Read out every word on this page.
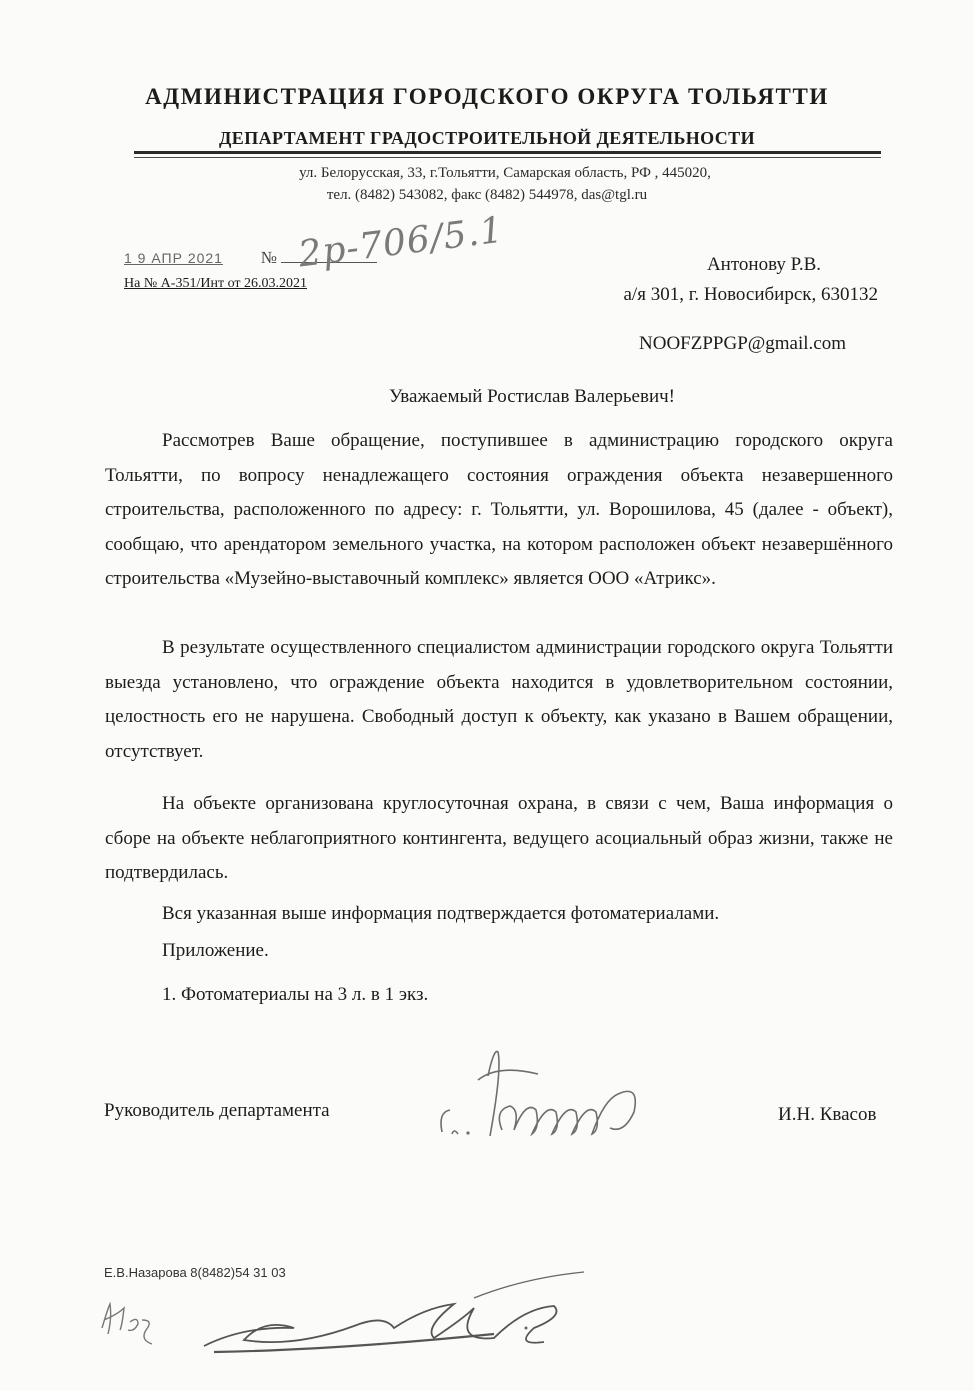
АДМИНИСТРАЦИЯ ГОРОДСКОГО ОКРУГА ТОЛЬЯТТИ
ДЕПАРТАМЕНТ ГРАДОСТРОИТЕЛЬНОЙ ДЕЯТЕЛЬНОСТИ
ул. Белорусская, 33, г.Тольятти, Самарская область, РФ , 445020,
тел. (8482) 543082, факс (8482) 544978, das@tgl.ru
1 9 АПР 2021 № 2р-706/5.1
На № А-351/Инт от 26.03.2021
Антонову Р.В.
а/я 301, г. Новосибирск, 630132
NOOFZPPGP@gmail.com
Уважаемый Ростислав Валерьевич!
Рассмотрев Ваше обращение, поступившее в администрацию городского округа Тольятти, по вопросу ненадлежащего состояния ограждения объекта незавершенного строительства, расположенного по адресу: г. Тольятти, ул. Ворошилова, 45 (далее - объект), сообщаю, что арендатором земельного участка, на котором расположен объект незавершённого строительства «Музейно-выставочный комплекс» является ООО «Атрикс».
В результате осуществленного специалистом администрации городского округа Тольятти выезда установлено, что ограждение объекта находится в удовлетворительном состоянии, целостность его не нарушена. Свободный доступ к объекту, как указано в Вашем обращении, отсутствует.
На объекте организована круглосуточная охрана, в связи с чем, Ваша информация о сборе на объекте неблагоприятного контингента, ведущего асоциальный образ жизни, также не подтвердилась.
Вся указанная выше информация подтверждается фотоматериалами.
Приложение.
1. Фотоматериалы на 3 л. в 1 экз.
Руководитель департамента	И.Н. Квасов
Е.В.Назарова 8(8482)54 31 03
